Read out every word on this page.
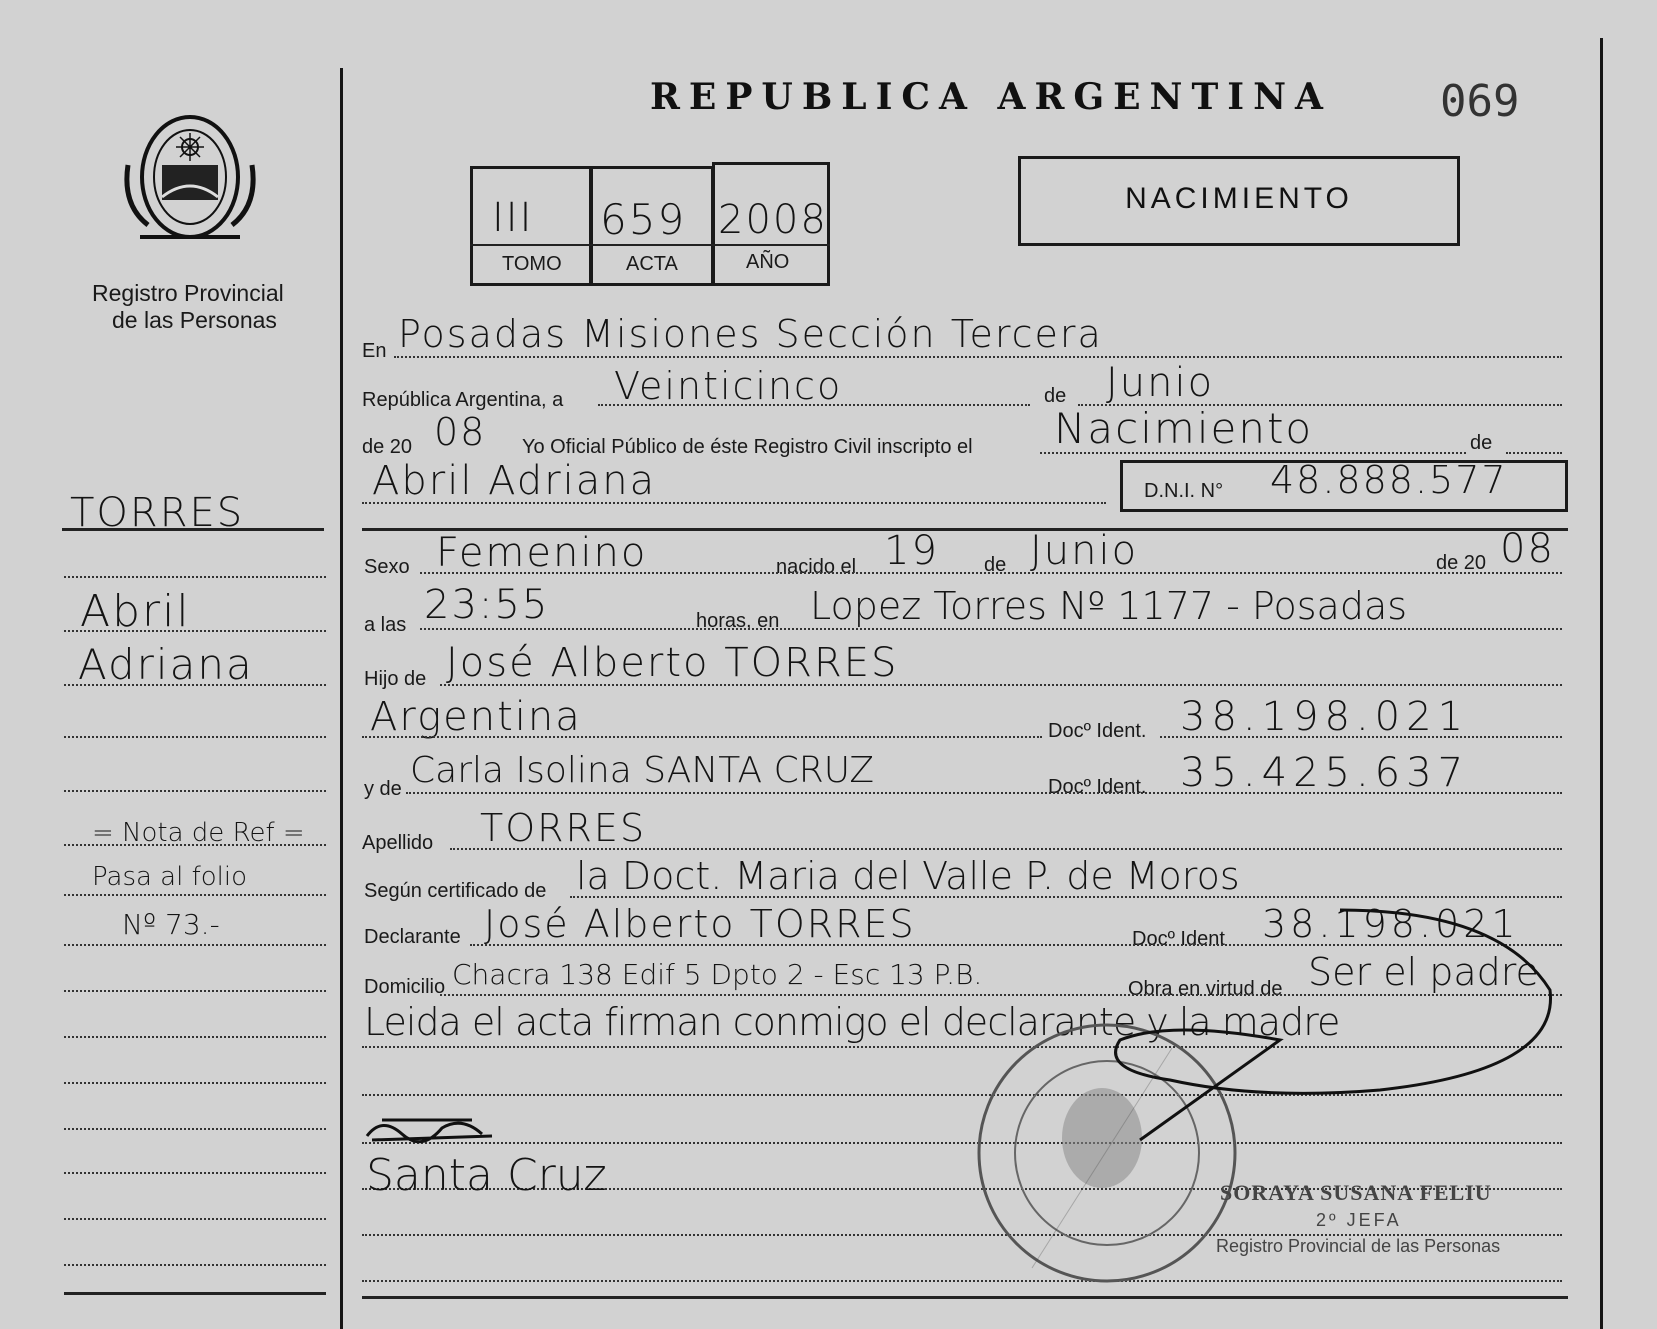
Registro Provincial
de las Personas
TORRES
Abril
Adriana
= Nota de Ref =
Pasa al folio
Nº 73.-
REPUBLICA ARGENTINA 069
III 659 2008
TOMO	ACTA	AÑO
NACIMIENTO
En Posadas Misiones Sección Tercera
República Argentina, a Veinticinco	de Junio
de 20 08 Yo Oficial Público de éste Registro Civil inscripto el Nacimiento	de
Abril Adriana	D.N.I. N° 48.888.577
Sexo Femenino	nacido el 19 de Junio	de 20 08
a las 23:55	horas, en Lopez Torres Nº 1177 - Posadas
Hijo de José Alberto TORRES
Argentina	Docº Ident. 38.198.021
y de Carla Isolina SANTA CRUZ	Docº Ident. 35.425.637
Apellido TORRES
Según certificado de la Doct. Maria del Valle P. de Moros
Declarante José Alberto TORRES	Docº Ident 38.198.021
Domicilio Chacra 138 Edif 5 Dpto 2 - Esc 13 P.B.	Obra en virtud de Ser el padre
Leida el acta firman conmigo el declarante y la madre
Santa Cruz	SORAYA SUSANA FELIU
2º JEFA
Registro Provincial de las Personas
